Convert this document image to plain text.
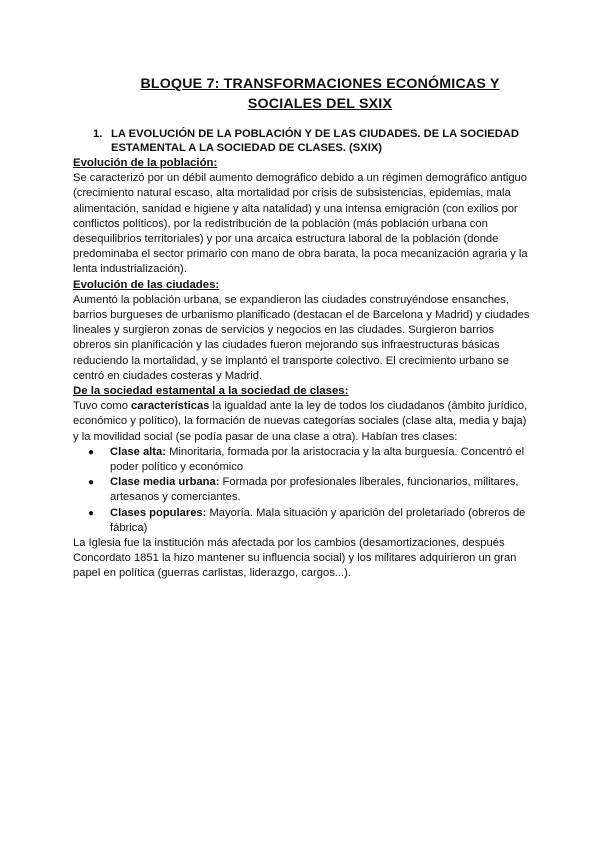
BLOQUE 7: TRANSFORMACIONES ECONÓMICAS Y
SOCIALES DEL SXIX
1. LA EVOLUCIÓN DE LA POBLACIÓN Y DE LAS CIUDADES. DE LA SOCIEDAD ESTAMENTAL A LA SOCIEDAD DE CLASES. (SXIX)

Evolución de la población:

Se caracterizó por un débil aumento demográfico debido a un régimen demográfico antiguo (crecimiento natural escaso, alta mortalidad por crisis de subsistencias, epidemias, mala alimentación, sanidad e higiene y alta natalidad) y una intensa emigración (con exilios por conflictos políticos), por la redistribución de la población (más población urbana con desequilibrios territoriales) y por una arcaica estructura laboral de la población (donde predominaba el sector primario con mano de obra barata, la poca mecanización agraria y la lenta industrialización).

Evolución de las ciudades:

Aumentó la población urbana, se expandieron las ciudades construyéndose ensanches, barrios burgueses de urbanismo planificado (destacan el de Barcelona y Madrid) y ciudades lineales y surgieron zonas de servicios y negocios en las ciudades. Surgieron barrios obreros sin planificación y las ciudades fueron mejorando sus infraestructuras básicas reduciendo la mortalidad, y se implantó el transporte colectivo. El crecimiento urbano se centró en ciudades costeras y Madrid.

De la sociedad estamental a la sociedad de clases:

Tuvo como características la igualdad ante la ley de todos los ciudadanos (ámbito jurídico, económico y político), la formación de nuevas categorías sociales (clase alta, media y baja) y la movilidad social (se podía pasar de una clase a otra). Habían tres clases:

● Clase alta: Minoritaria, formada por la aristocracia y la alta burguesía. Concentró el poder político y económico
● Clase media urbana: Formada por profesionales liberales, funcionarios, militares, artesanos y comerciantes.
● Clases populares: Mayoría. Mala situación y aparición del proletariado (obreros de fábrica)

La Iglesia fue la institución más afectada por los cambios (desamortizaciones, después Concordato 1851 la hizo mantener su influencia social) y los militares adquirieron un gran papel en política (guerras carlistas, liderazgo, cargos...).
